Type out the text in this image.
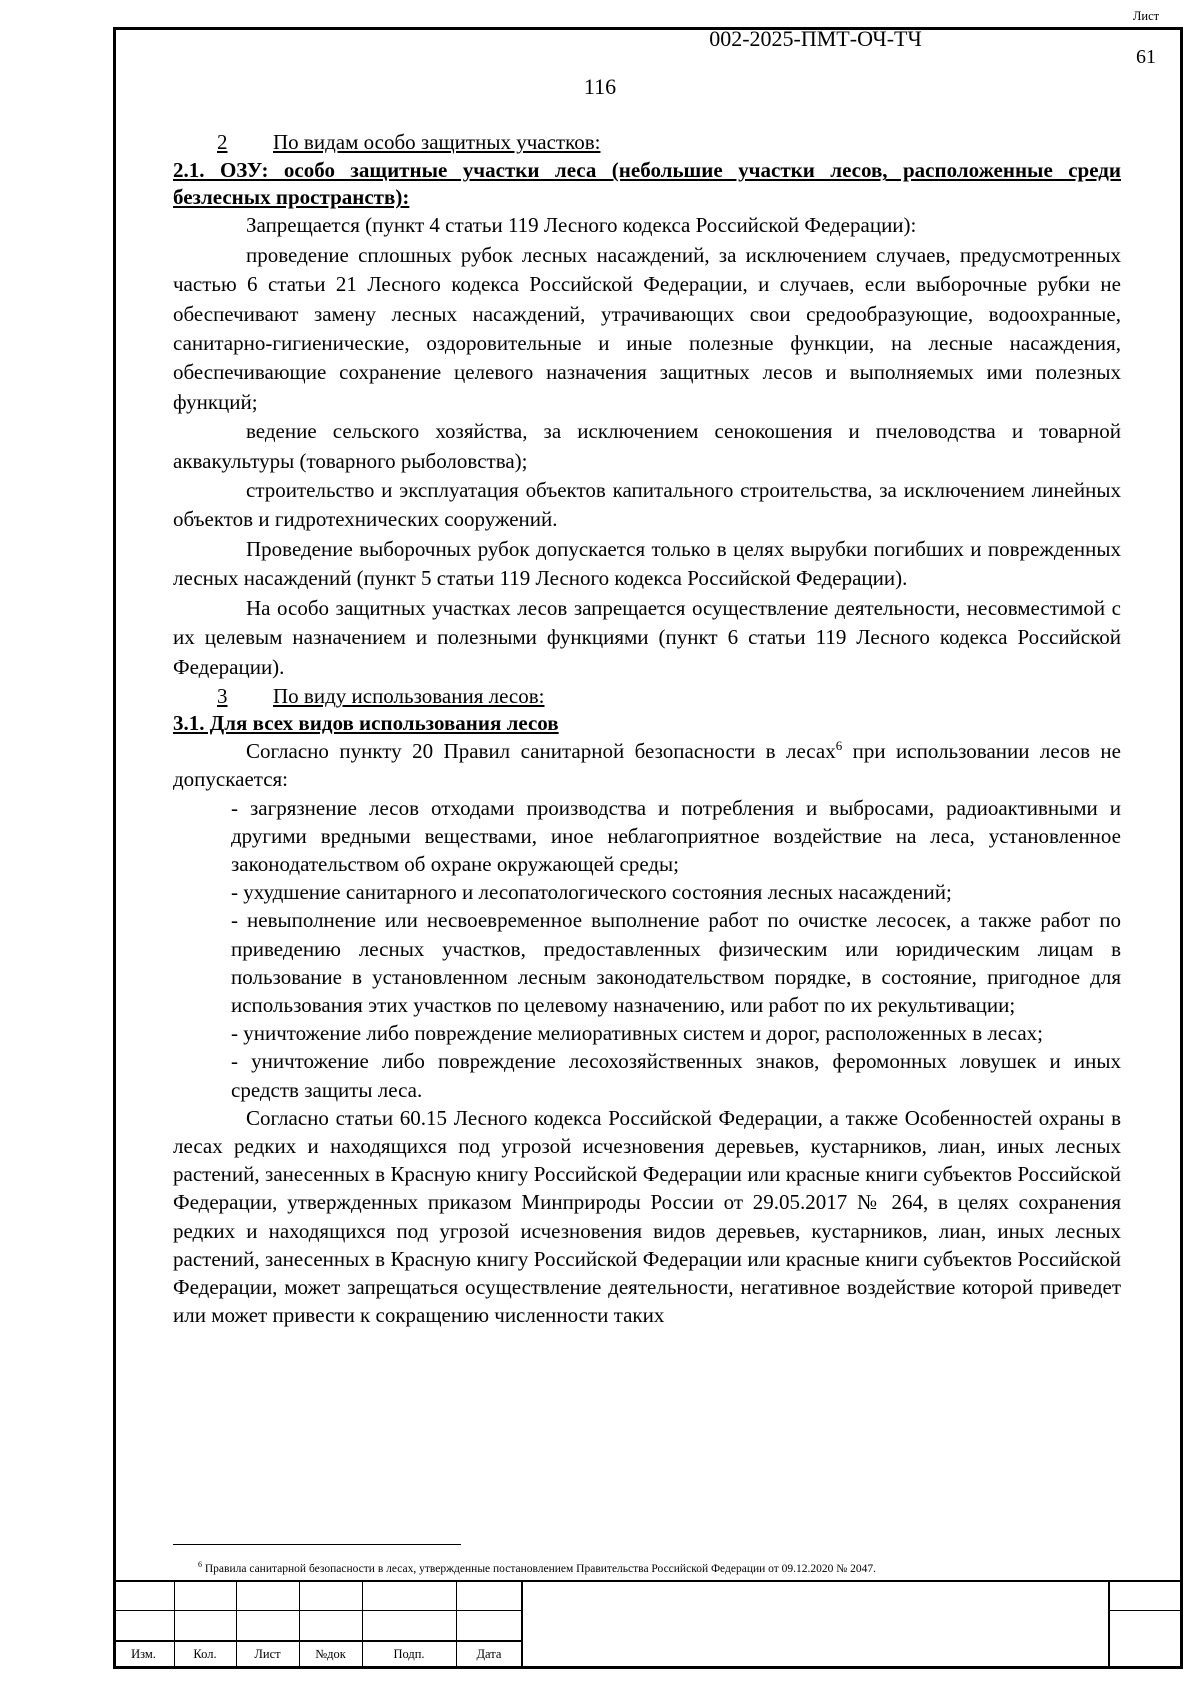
116

2 По видам особо защитных участков:

2.1. ОЗУ: особо защитные участки леса (небольшие участки лесов, расположенные среди безлесных пространств):

Запрещается (пункт 4 статьи 119 Лесного кодекса Российской Федерации):

проведение сплошных рубок лесных насаждений, за исключением случаев, предусмотренных частью 6 статьи 21 Лесного кодекса Российской Федерации, и случаев, если выборочные рубки не обеспечивают замену лесных насаждений, утрачивающих свои средообразующие, водоохранные, санитарно-гигиенические, оздоровительные и иные полезные функции, на лесные насаждения, обеспечивающие сохранение целевого назначения защитных лесов и выполняемых ими полезных функций;

ведение сельского хозяйства, за исключением сенокошения и пчеловодства и товарной аквакультуры (товарного рыболовства);

строительство и эксплуатация объектов капитального строительства, за исключением линейных объектов и гидротехнических сооружений.

Проведение выборочных рубок допускается только в целях вырубки погибших и поврежденных лесных насаждений (пункт 5 статьи 119 Лесного кодекса Российской Федерации).

На особо защитных участках лесов запрещается осуществление деятельности, несовместимой с их целевым назначением и полезными функциями (пункт 6 статьи 119 Лесного кодекса Российской Федерации).

3 По виду использования лесов:

3.1. Для всех видов использования лесов

Согласно пункту 20 Правил санитарной безопасности в лесах$^6$ при использовании лесов не допускается:

- загрязнение лесов отходами производства и потребления и выбросами, радиоактивными и другими вредными веществами, иное неблагоприятное воздействие на леса, установленное законодательством об охране окружающей среды;

- ухудшение санитарного и лесопатологического состояния лесных насаждений;

- невыполнение или несвоевременное выполнение работ по очистке лесосек, а также работ по приведению лесных участков, предоставленных физическим или юридическим лицам в пользование в установленном лесным законодательством порядке, в состояние, пригодное для использования этих участков по целевому назначению, или работ по их рекультивации;

- уничтожение либо повреждение мелиоративных систем и дорог, расположенных в лесах;

- уничтожение либо повреждение лесохозяйственных знаков, феромонных ловушек и иных средств защиты леса.

Согласно статьи 60.15 Лесного кодекса Российской Федерации, а также Особенностей охраны в лесах редких и находящихся под угрозой исчезновения деревьев, кустарников, лиан, иных лесных растений, занесенных в Красную книгу Российской Федерации или красные книги субъектов Российской Федерации, утвержденных приказом Минприроды России от 29.05.2017 № 264, в целях сохранения редких и находящихся под угрозой исчезновения видов деревьев, кустарников, лиан, иных лесных растений, занесенных в Красную книгу Российской Федерации или красные книги субъектов Российской Федерации, может запрещаться осуществление деятельности, негативное воздействие которой приведет или может привести к сокращению численности таких

$^6$ Правила санитарной безопасности в лесах, утвержденные постановлением Правительства Российской Федерации от 09.12.2020 № 2047.
Изм.	Кол.	Лист	№док	Подп.	Дата
002-2025-ПМТ-ОЧ-ТЧ
Лист
61
